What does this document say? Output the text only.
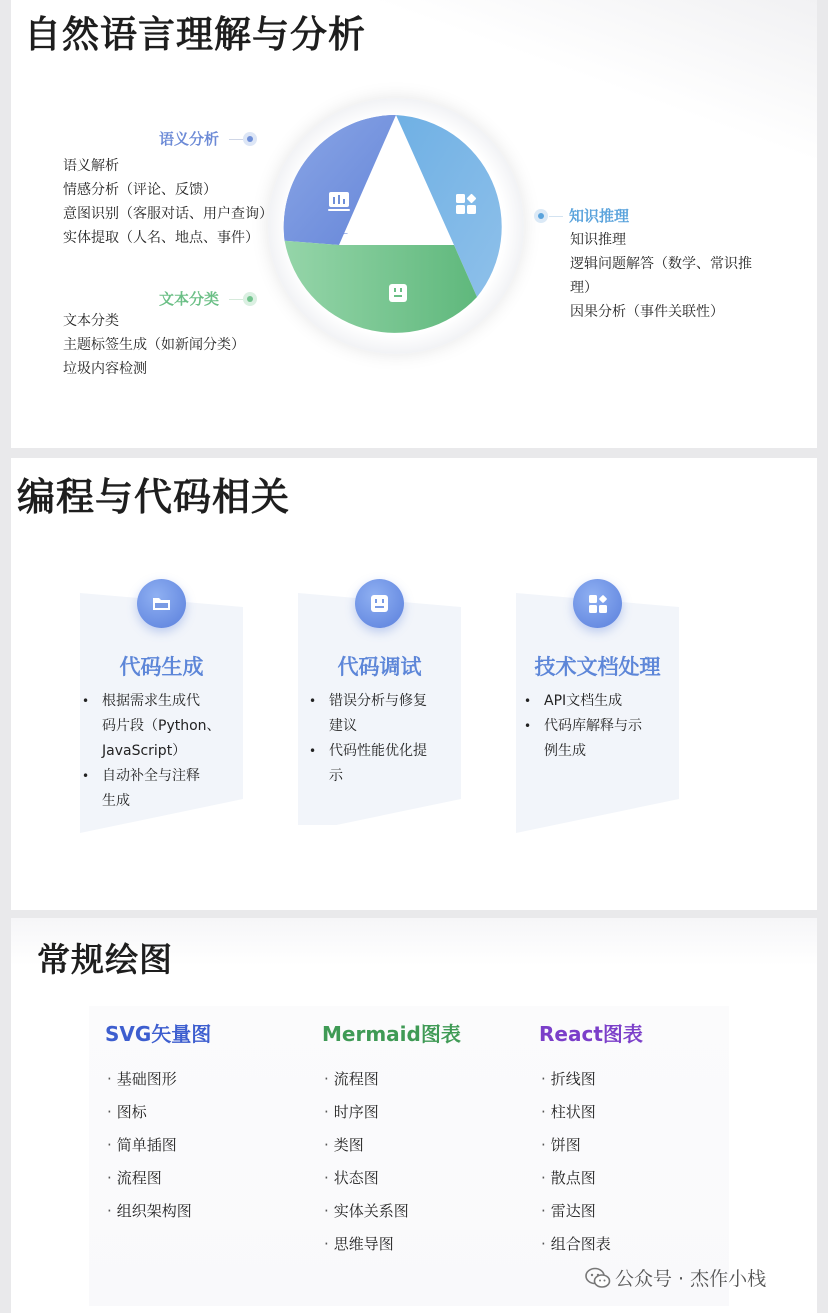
自然语言理解与分析
语义分析
语义解析
情感分析（评论、反馈）
意图识别（客服对话、用户查询）
实体提取（人名、地点、事件）
文本分类
文本分类
主题标签生成（如新闻分类）
垃圾内容检测
知识推理
知识推理
逻辑问题解答（数学、常识推
理）
因果分析（事件关联性）
编程与代码相关
代码生成
• 根据需求生成代
码片段（Python、
JavaScript）
• 自动补全与注释
生成
代码调试
• 错误分析与修复
建议
• 代码性能优化提
示
技术文档处理
• API文档生成
• 代码库解释与示
例生成
常规绘图
SVG矢量图
· 基础图形
· 图标
· 简单插图
· 流程图
· 组织架构图
Mermaid图表
· 流程图
· 时序图
· 类图
· 状态图
· 实体关系图
· 思维导图
React图表
· 折线图
· 柱状图
· 饼图
· 散点图
· 雷达图
· 组合图表
公众号 · 杰作小栈
